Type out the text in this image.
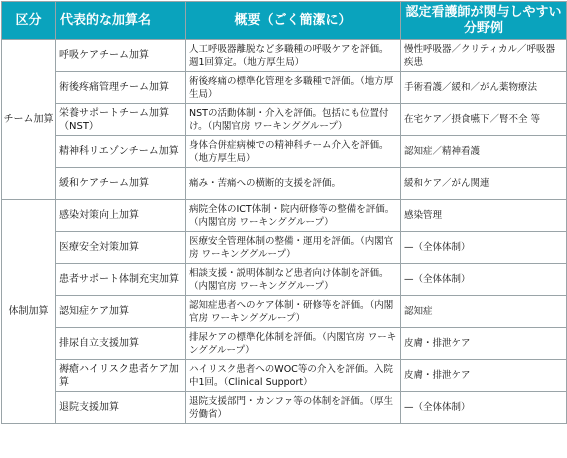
区分	代表的な加算名	概要（ごく簡潔に）	認定看護師が関与しやすい
分野例
チーム加算	呼吸ケアチーム加算	人工呼吸器離脱など多職種の呼吸ケアを評価。週1回算定。（地方厚生局）	慢性呼吸器／クリティカル／呼吸器疾患
	術後疼痛管理チーム加算	術後疼痛の標準化管理を多職種で評価。（地方厚生局）	手術看護／緩和／がん薬物療法
	栄養サポートチーム加算（NST）	NSTの活動体制・介入を評価。包括にも位置付け。（内閣官房 ワーキンググループ）	在宅ケア／摂食嚥下／腎不全 等
	精神科リエゾンチーム加算	身体合併症病棟での精神科チーム介入を評価。（地方厚生局）	認知症／精神看護
	緩和ケアチーム加算	痛み・苦痛への横断的支援を評価。	緩和ケア／がん関連
体制加算	感染対策向上加算	病院全体のICT体制・院内研修等の整備を評価。（内閣官房 ワーキンググループ）	感染管理
	医療安全対策加算	医療安全管理体制の整備・運用を評価。（内閣官房 ワーキンググループ）	—（全体体制）
	患者サポート体制充実加算	相談支援・説明体制など患者向け体制を評価。（内閣官房 ワーキンググループ）	—（全体体制）
	認知症ケア加算	認知症患者へのケア体制・研修等を評価。（内閣官房 ワーキンググループ）	認知症
	排尿自立支援加算	排尿ケアの標準化体制を評価。（内閣官房 ワーキンググループ）	皮膚・排泄ケア
	褥瘡ハイリスク患者ケア加算	ハイリスク患者へのWOC等の介入を評価。入院中1回。（Clinical Support）	皮膚・排泄ケア
	退院支援加算	退院支援部門・カンファ等の体制を評価。（厚生労働省）	—（全体体制）
